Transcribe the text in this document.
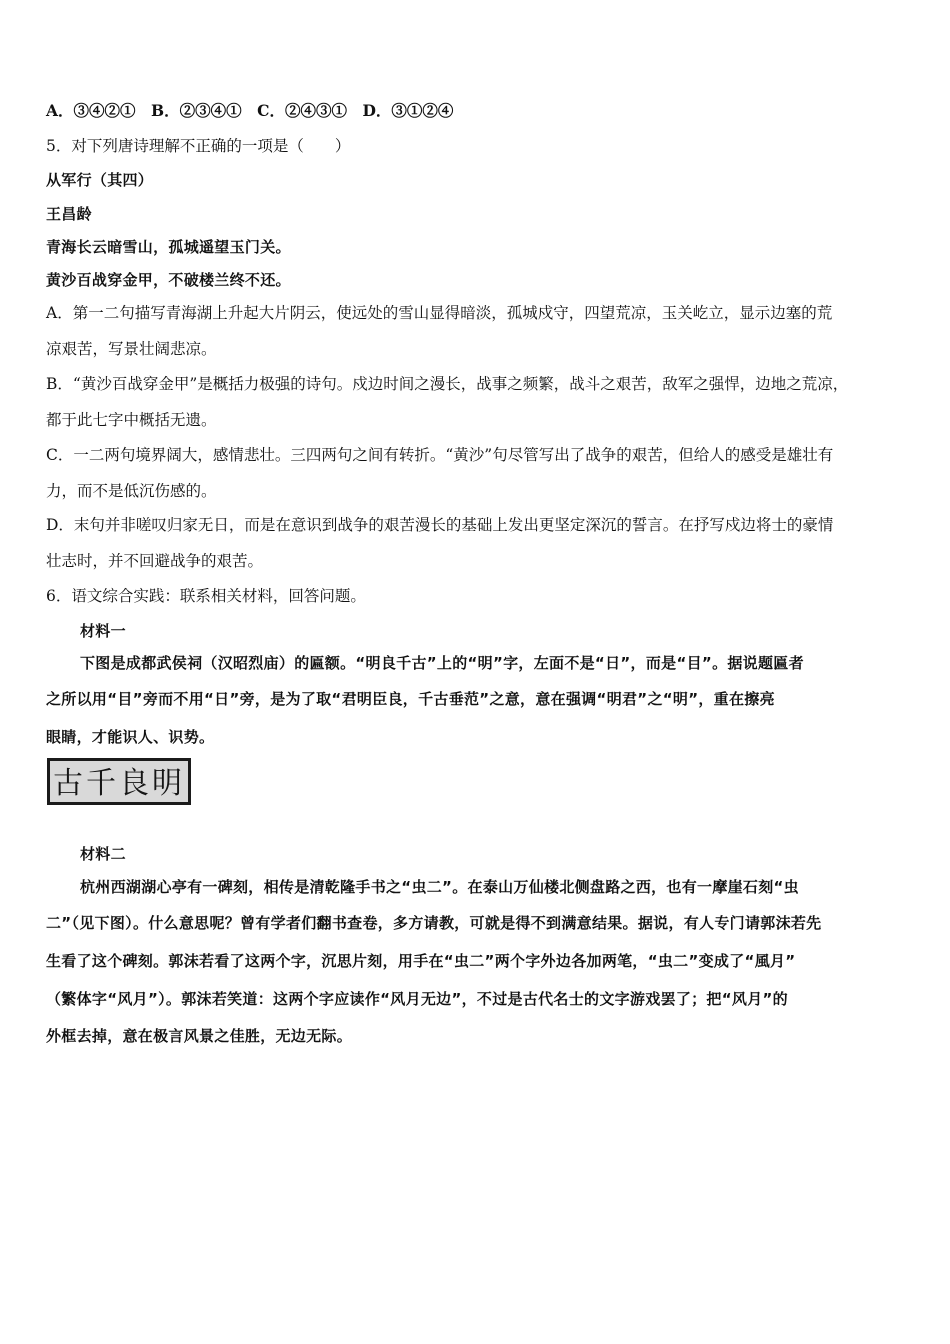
A．③④②①　B．②③④①　C．②④③①　D．③①②④
5．对下列唐诗理解不正确的一项是（　　）
从军行（其四）
王昌龄
青海长云暗雪山，孤城遥望玉门关。
黄沙百战穿金甲，不破楼兰终不还。
A．第一二句描写青海湖上升起大片阴云，使远处的雪山显得暗淡，孤城戍守，四望荒凉，玉关屹立，显示边塞的荒
凉艰苦，写景壮阔悲凉。
B．“黄沙百战穿金甲”是概括力极强的诗句。戍边时间之漫长，战事之频繁，战斗之艰苦，敌军之强悍，边地之荒凉，
都于此七字中概括无遗。
C．一二两句境界阔大，感情悲壮。三四两句之间有转折。“黄沙”句尽管写出了战争的艰苦，但给人的感受是雄壮有
力，而不是低沉伤感的。
D．末句并非嗟叹归家无日，而是在意识到战争的艰苦漫长的基础上发出更坚定深沉的誓言。在抒写戍边将士的豪情
壮志时，并不回避战争的艰苦。
6．语文综合实践：联系相关材料，回答问题。
材料一
下图是成都武侯祠（汉昭烈庙）的匾额。“明良千古”上的“明”字，左面不是“日”，而是“目”。据说题匾者
之所以用“目”旁而不用“日”旁，是为了取“君明臣良，千古垂范”之意，意在强调“明君”之“明”，重在擦亮
眼睛，才能识人、识势。
古千良明
材料二
杭州西湖湖心亭有一碑刻，相传是清乾隆手书之“虫二”。在泰山万仙楼北侧盘路之西，也有一摩崖石刻“虫
二”（见下图）。什么意思呢？曾有学者们翻书查卷，多方请教，可就是得不到满意结果。据说，有人专门请郭沫若先
生看了这个碑刻。郭沫若看了这两个字，沉思片刻，用手在“虫二”两个字外边各加两笔，“虫二”变成了“風月”
（繁体字“风月”）。郭沫若笑道：这两个字应读作“风月无边”，不过是古代名士的文字游戏罢了；把“风月”的
外框去掉，意在极言风景之佳胜，无边无际。
